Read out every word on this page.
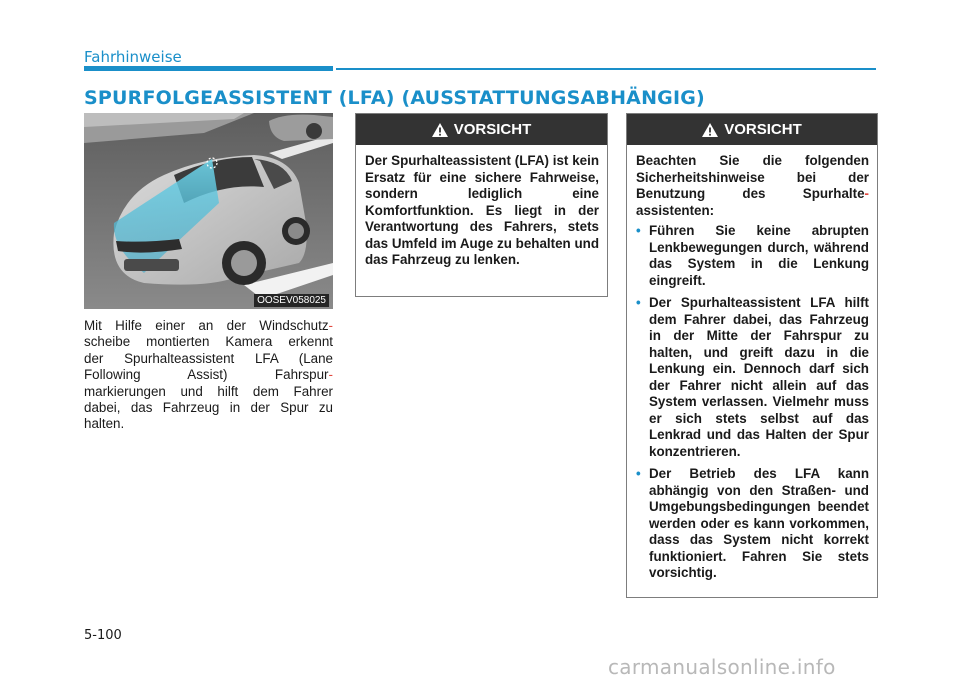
Fahrhinweise
SPURFOLGEASSISTENT (LFA) (AUSSTATTUNGSABHÄNGIG)
OOSEV058025
Mit Hilfe einer an der Windschutz-
scheibe montierten Kamera erkennt
der Spurhalteassistent LFA (Lane
Following Assist) Fahrspur-
markierungen und hilft dem Fahrer
dabei, das Fahrzeug in der Spur zu
halten.
VORSICHT
Der Spurhalteassistent (LFA) ist kein Ersatz für eine sichere Fahrweise, sondern lediglich eine Komfortfunktion. Es liegt in der Verantwortung des Fahrers, stets das Umfeld im Auge zu behalten und das Fahrzeug zu lenken.
VORSICHT
Beachten Sie die folgenden Sicherheitshinweise bei der Benutzung des Spurhalte- assistenten:
• Führen Sie keine abrupten Lenkbewegungen durch, während das System in die Lenkung eingreift.
• Der Spurhalteassistent LFA hilft dem Fahrer dabei, das Fahrzeug in der Mitte der Fahrspur zu halten, und greift dazu in die Lenkung ein. Dennoch darf sich der Fahrer nicht allein auf das System verlassen. Vielmehr muss er sich stets selbst auf das Lenkrad und das Halten der Spur konzentrieren.
• Der Betrieb des LFA kann abhängig von den Straßen- und Umgebungsbedingungen beendet werden oder es kann vorkommen, dass das System nicht korrekt funktioniert. Fahren Sie stets vorsichtig.
5-100
carmanualsonline.info
